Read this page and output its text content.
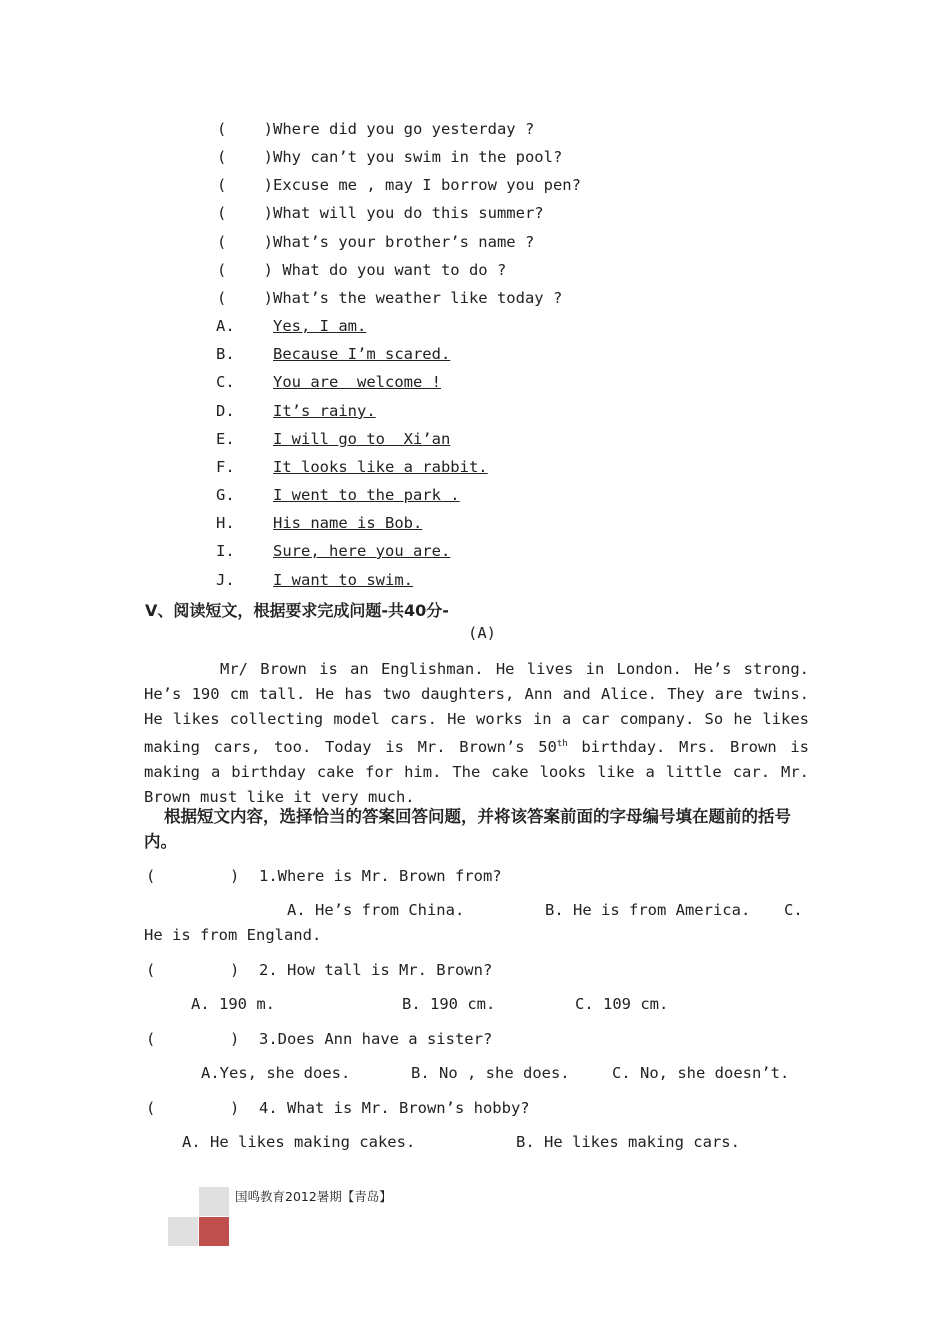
(    )Where did you go yesterday ?
(    )Why can’t you swim in the pool?
(    )Excuse me , may I borrow you pen?
(    )What will you do this summer?
(    )What’s your brother’s name ?
(    ) What do you want to do ?
(    )What’s the weather like today ?
A. Yes, I am.
B. Because I’m scared.
C. You are  welcome !
D. It’s rainy.
E. I will go to  Xi’an
F. It looks like a rabbit.
G. I went to the park .
H. His name is Bob.
I. Sure, here you are.
J. I want to swim.
Ⅴ、阅读短文，根据要求完成问题-共40分-
(A)
Mr/ Brown is an Englishman. He lives in London. He’s strong. He’s 190 cm tall. He has two daughters, Ann and Alice. They are twins. He likes collecting model cars. He works in a car company. So he likes making cars, too. Today is Mr. Brown’s 50th birthday. Mrs. Brown is making a birthday cake for him. The cake looks like a little car. Mr. Brown must like it very much.
根据短文内容，选择恰当的答案回答问题，并将该答案前面的字母编号填在题前的括号内。
(        ) 1.Where is Mr. Brown from?
A. He’s from China.	B. He is from America. C.
He is from England.
(        ) 2. How tall is Mr. Brown?
A. 190 m.	B. 190 cm.	C. 109 cm.
(        ) 3.Does Ann have a sister?
A.Yes, she does.	B. No , she does.	C. No, she doesn’t.
(        ) 4. What is Mr. Brown’s hobby?
A. He likes making cakes.	B. He likes making cars.
国鸣教育2012暑期【青岛】
